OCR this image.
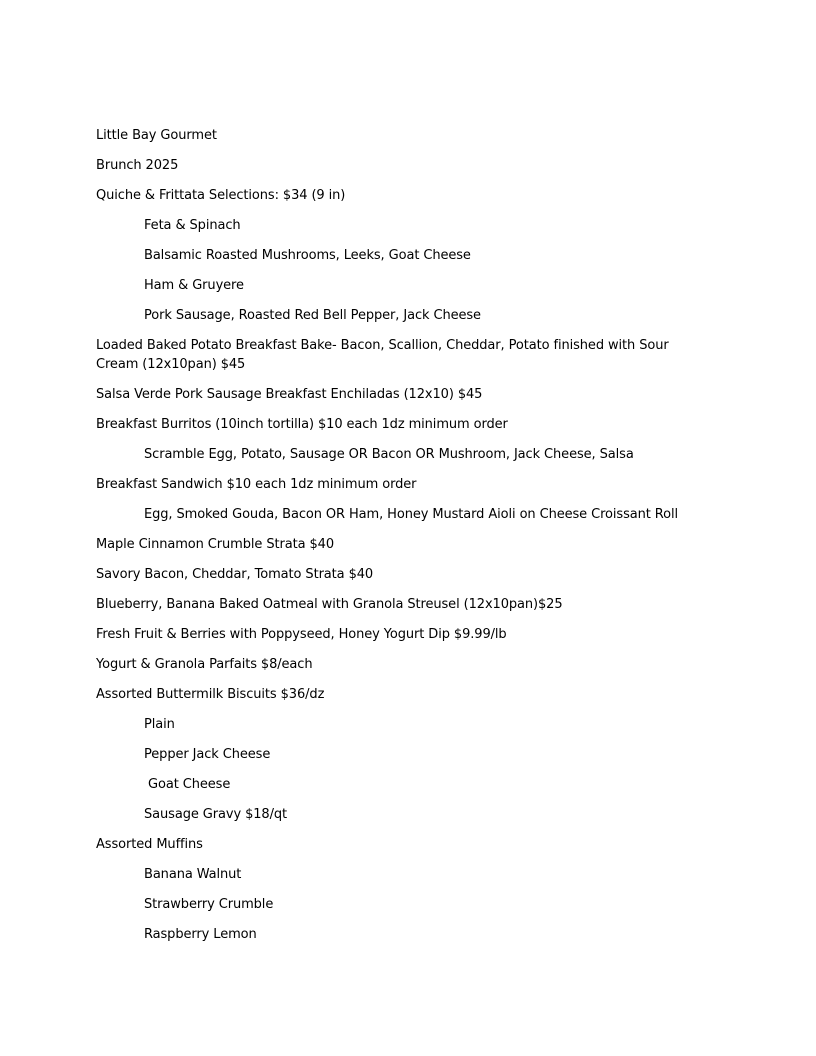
Little Bay Gourmet
Brunch 2025
Quiche & Frittata Selections: $34 (9 in)
Feta & Spinach
Balsamic Roasted Mushrooms, Leeks, Goat Cheese
Ham & Gruyere
Pork Sausage, Roasted Red Bell Pepper, Jack Cheese
Loaded Baked Potato Breakfast Bake- Bacon, Scallion, Cheddar, Potato finished with Sour Cream (12x10pan) $45
Salsa Verde Pork Sausage Breakfast Enchiladas (12x10) $45
Breakfast Burritos (10inch tortilla) $10 each 1dz minimum order
Scramble Egg, Potato, Sausage OR Bacon OR Mushroom, Jack Cheese, Salsa
Breakfast Sandwich $10 each 1dz minimum order
Egg, Smoked Gouda, Bacon OR Ham, Honey Mustard Aioli on Cheese Croissant Roll
Maple Cinnamon Crumble Strata $40
Savory Bacon, Cheddar, Tomato Strata $40
Blueberry, Banana Baked Oatmeal with Granola Streusel (12x10pan)$25
Fresh Fruit & Berries with Poppyseed, Honey Yogurt Dip $9.99/lb
Yogurt & Granola Parfaits $8/each
Assorted Buttermilk Biscuits $36/dz
Plain
Pepper Jack Cheese
Goat Cheese
Sausage Gravy $18/qt
Assorted Muffins
Banana Walnut
Strawberry Crumble
Raspberry Lemon
